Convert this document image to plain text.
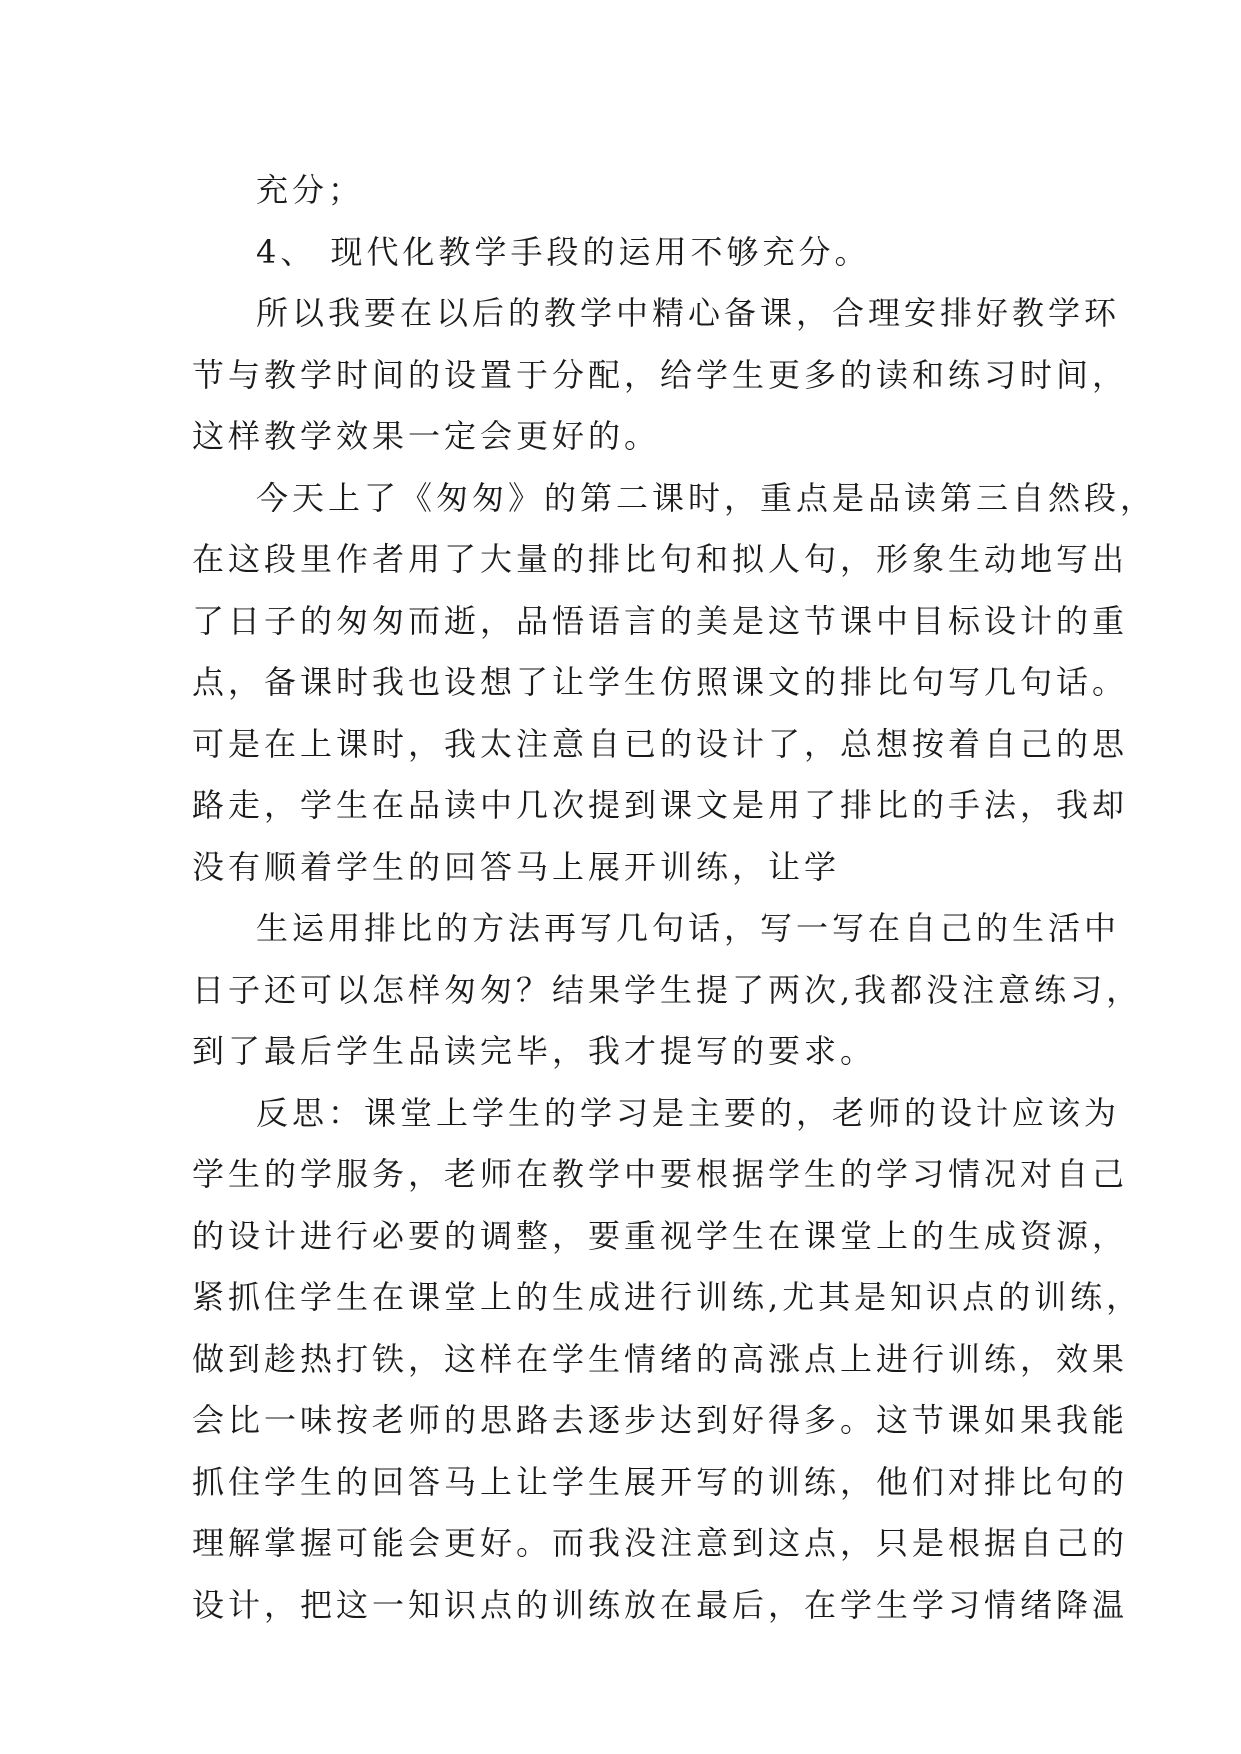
充分；
4、 现代化教学手段的运用不够充分。
所以我要在以后的教学中精心备课，合理安排好教学环
节与教学时间的设置于分配，给学生更多的读和练习时间，
这样教学效果一定会更好的。
今天上了《匆匆》的第二课时，重点是品读第三自然段，
在这段里作者用了大量的排比句和拟人句，形象生动地写出
了日子的匆匆而逝，品悟语言的美是这节课中目标设计的重
点，备课时我也设想了让学生仿照课文的排比句写几句话。
可是在上课时，我太注意自已的设计了，总想按着自己的思
路走，学生在品读中几次提到课文是用了排比的手法，我却
没有顺着学生的回答马上展开训练，让学
生运用排比的方法再写几句话，写一写在自己的生活中
日子还可以怎样匆匆？结果学生提了两次,我都没注意练习，
到了最后学生品读完毕，我才提写的要求。
反思：课堂上学生的学习是主要的，老师的设计应该为
学生的学服务，老师在教学中要根据学生的学习情况对自己
的设计进行必要的调整，要重视学生在课堂上的生成资源，
紧抓住学生在课堂上的生成进行训练,尤其是知识点的训练，
做到趁热打铁，这样在学生情绪的高涨点上进行训练，效果
会比一味按老师的思路去逐步达到好得多。这节课如果我能
抓住学生的回答马上让学生展开写的训练，他们对排比句的
理解掌握可能会更好。而我没注意到这点，只是根据自己的
设计，把这一知识点的训练放在最后，在学生学习情绪降温
